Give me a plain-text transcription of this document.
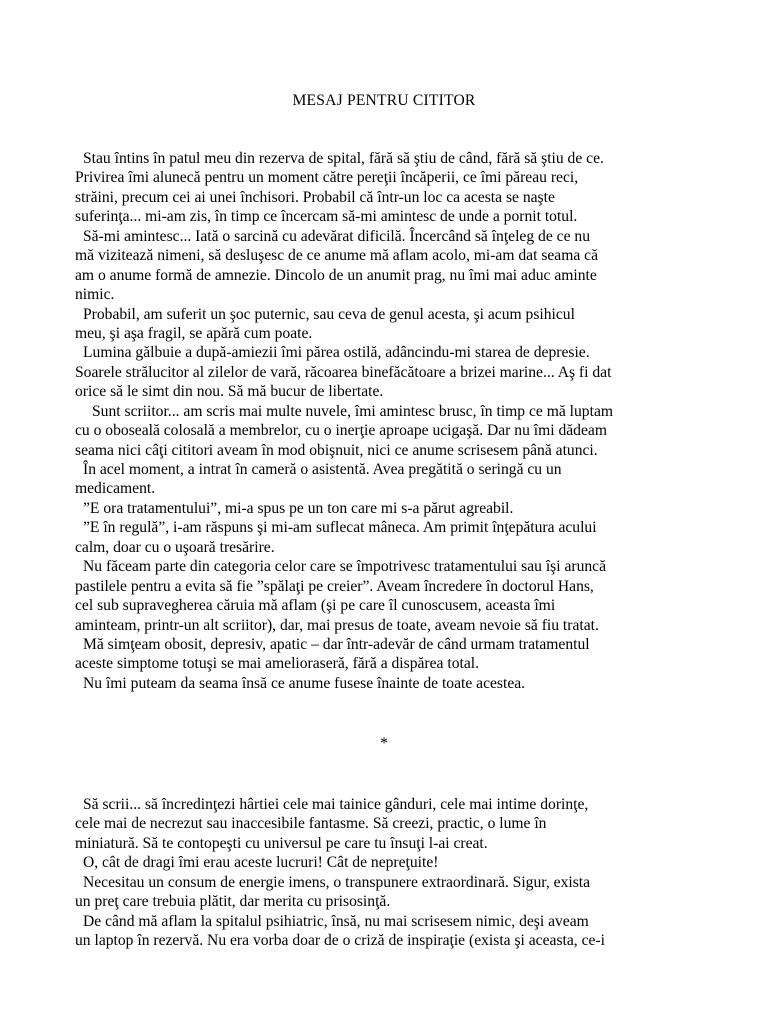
MESAJ PENTRU CITITOR
Stau întins în patul meu din rezerva de spital, fără să ştiu de când, fără să ştiu de ce.
Privirea îmi alunecă pentru un moment către pereţii încăperii, ce îmi păreau reci,
străini, precum cei ai unei închisori. Probabil că într-un loc ca acesta se naşte
suferinţa... mi-am zis, în timp ce încercam să-mi amintesc de unde a pornit totul.
Să-mi amintesc... Iată o sarcină cu adevărat dificilă. Încercând să înţeleg de ce nu
mă vizitează nimeni, să desluşesc de ce anume mă aflam acolo, mi-am dat seama că
am o anume formă de amnezie. Dincolo de un anumit prag, nu îmi mai aduc aminte
nimic.
Probabil, am suferit un şoc puternic, sau ceva de genul acesta, şi acum psihicul
meu, şi aşa fragil, se apără cum poate.
Lumina gălbuie a după-amiezii îmi părea ostilă, adâncindu-mi starea de depresie.
Soarele strălucitor al zilelor de vară, răcoarea binefăcătoare a brizei marine... Aş fi dat
orice să le simt din nou. Să mă bucur de libertate.
Sunt scriitor... am scris mai multe nuvele, îmi amintesc brusc, în timp ce mă luptam
cu o oboseală colosală a membrelor, cu o inerţie aproape ucigaşă. Dar nu îmi dădeam
seama nici câţi cititori aveam în mod obişnuit, nici ce anume scrisesem până atunci.
În acel moment, a intrat în cameră o asistentă. Avea pregătită o seringă cu un
medicament.
”E ora tratamentului”, mi-a spus pe un ton care mi s-a părut agreabil.
”E în regulă”, i-am răspuns şi mi-am suflecat mâneca. Am primit înţepătura acului
calm, doar cu o uşoară tresărire.
Nu făceam parte din categoria celor care se împotrivesc tratamentului sau îşi aruncă
pastilele pentru a evita să fie ”spălaţi pe creier”. Aveam încredere în doctorul Hans,
cel sub supravegherea căruia mă aflam (şi pe care îl cunoscusem, aceasta îmi
aminteam, printr-un alt scriitor), dar, mai presus de toate, aveam nevoie să fiu tratat.
Mă simţeam obosit, depresiv, apatic – dar într-adevăr de când urmam tratamentul
aceste simptome totuşi se mai amelioraseră, fără a dispărea total.
Nu îmi puteam da seama însă ce anume fusese înainte de toate acestea.
*
Să scrii... să încredinţezi hârtiei cele mai tainice gânduri, cele mai intime dorinţe,
cele mai de necrezut sau inaccesibile fantasme. Să creezi, practic, o lume în
miniatură. Să te contopeşti cu universul pe care tu însuţi l-ai creat.
O, cât de dragi îmi erau aceste lucruri! Cât de nepreţuite!
Necesitau un consum de energie imens, o transpunere extraordinară. Sigur, exista
un preţ care trebuia plătit, dar merita cu prisosinţă.
De când mă aflam la spitalul psihiatric, însă, nu mai scrisesem nimic, deşi aveam
un laptop în rezervă. Nu era vorba doar de o criză de inspiraţie (exista şi aceasta, ce-i
